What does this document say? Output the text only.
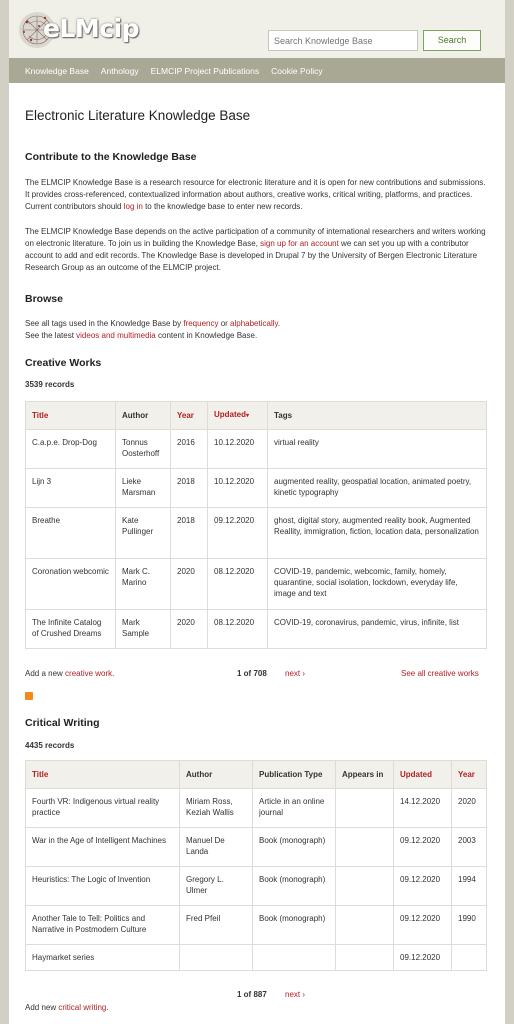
eLMcip
Search Knowledge Base	Search
Knowledge Base Anthology ELMCIP Project Publications Cookie Policy
Electronic Literature Knowledge Base
Contribute to the Knowledge Base

The ELMCIP Knowledge Base is a research resource for electronic literature and it is open for new contributions and submissions. It provides cross-referenced, contextualized information about authors, creative works, critical writing, platforms, and practices. Current contributors should log in to the knowledge base to enter new records.

The ELMCIP Knowledge Base depends on the active participation of a community of international researchers and writers working on electronic literature. To join us in building the Knowledge Base, sign up for an account we can set you up with a contributor account to add and edit records. The Knowledge Base is developed in Drupal 7 by the University of Bergen Electronic Literature Research Group as an outcome of the ELMCIP project.

Browse

See all tags used in the Knowledge Base by frequency or alphabetically.

See the latest videos and multimedia content in Knowledge Base.

Creative Works
3539 records
Title	Author	Year	Updated▾	Tags
C.a.p.e. Drop-Dog	Tonnus Oosterhoff	2016	10.12.2020	virtual reality
Lijn 3	Lieke Marsman	2018	10.12.2020	augmented reality, geospatial location, animated poetry, kinetic typography
Breathe	Kate Pullinger	2018	09.12.2020	ghost, digital story, augmented reality book, Augmented Reallity, immigration, fiction, location data, personalization
Coronation webcomic	Mark C. Marino	2020	08.12.2020	COVID-19, pandemic, webcomic, family, homely, quarantine, social isolation, lockdown, everyday life, image and text
The Infinite Catalog of Crushed Dreams	Mark Sample	2020	08.12.2020	COVID-19, coronavirus, pandemic, virus, infinite, list
Add a new creative work.	1 of 708 next ›	See all creative works
Critical Writing
4435 records
Title	Author	Publication Type	Appears in	Updated	Year
Fourth VR: Indigenous virtual reality practice	Miriam Ross, Keziah Wallis	Article in an online journal		14.12.2020	2020
War in the Age of Intelligent Machines	Manuel De Landa	Book (monograph)		09.12.2020	2003
Heuristics: The Logic of Invention	Gregory L. Ulmer	Book (monograph)		09.12.2020	1994
Another Tale to Tell: Politics and Narrative in Postmodern Culture	Fred Pfeil	Book (monograph)		09.12.2020	1990
Haymarket series				09.12.2020	
1 of 887 next ›
Add new critical writing.
